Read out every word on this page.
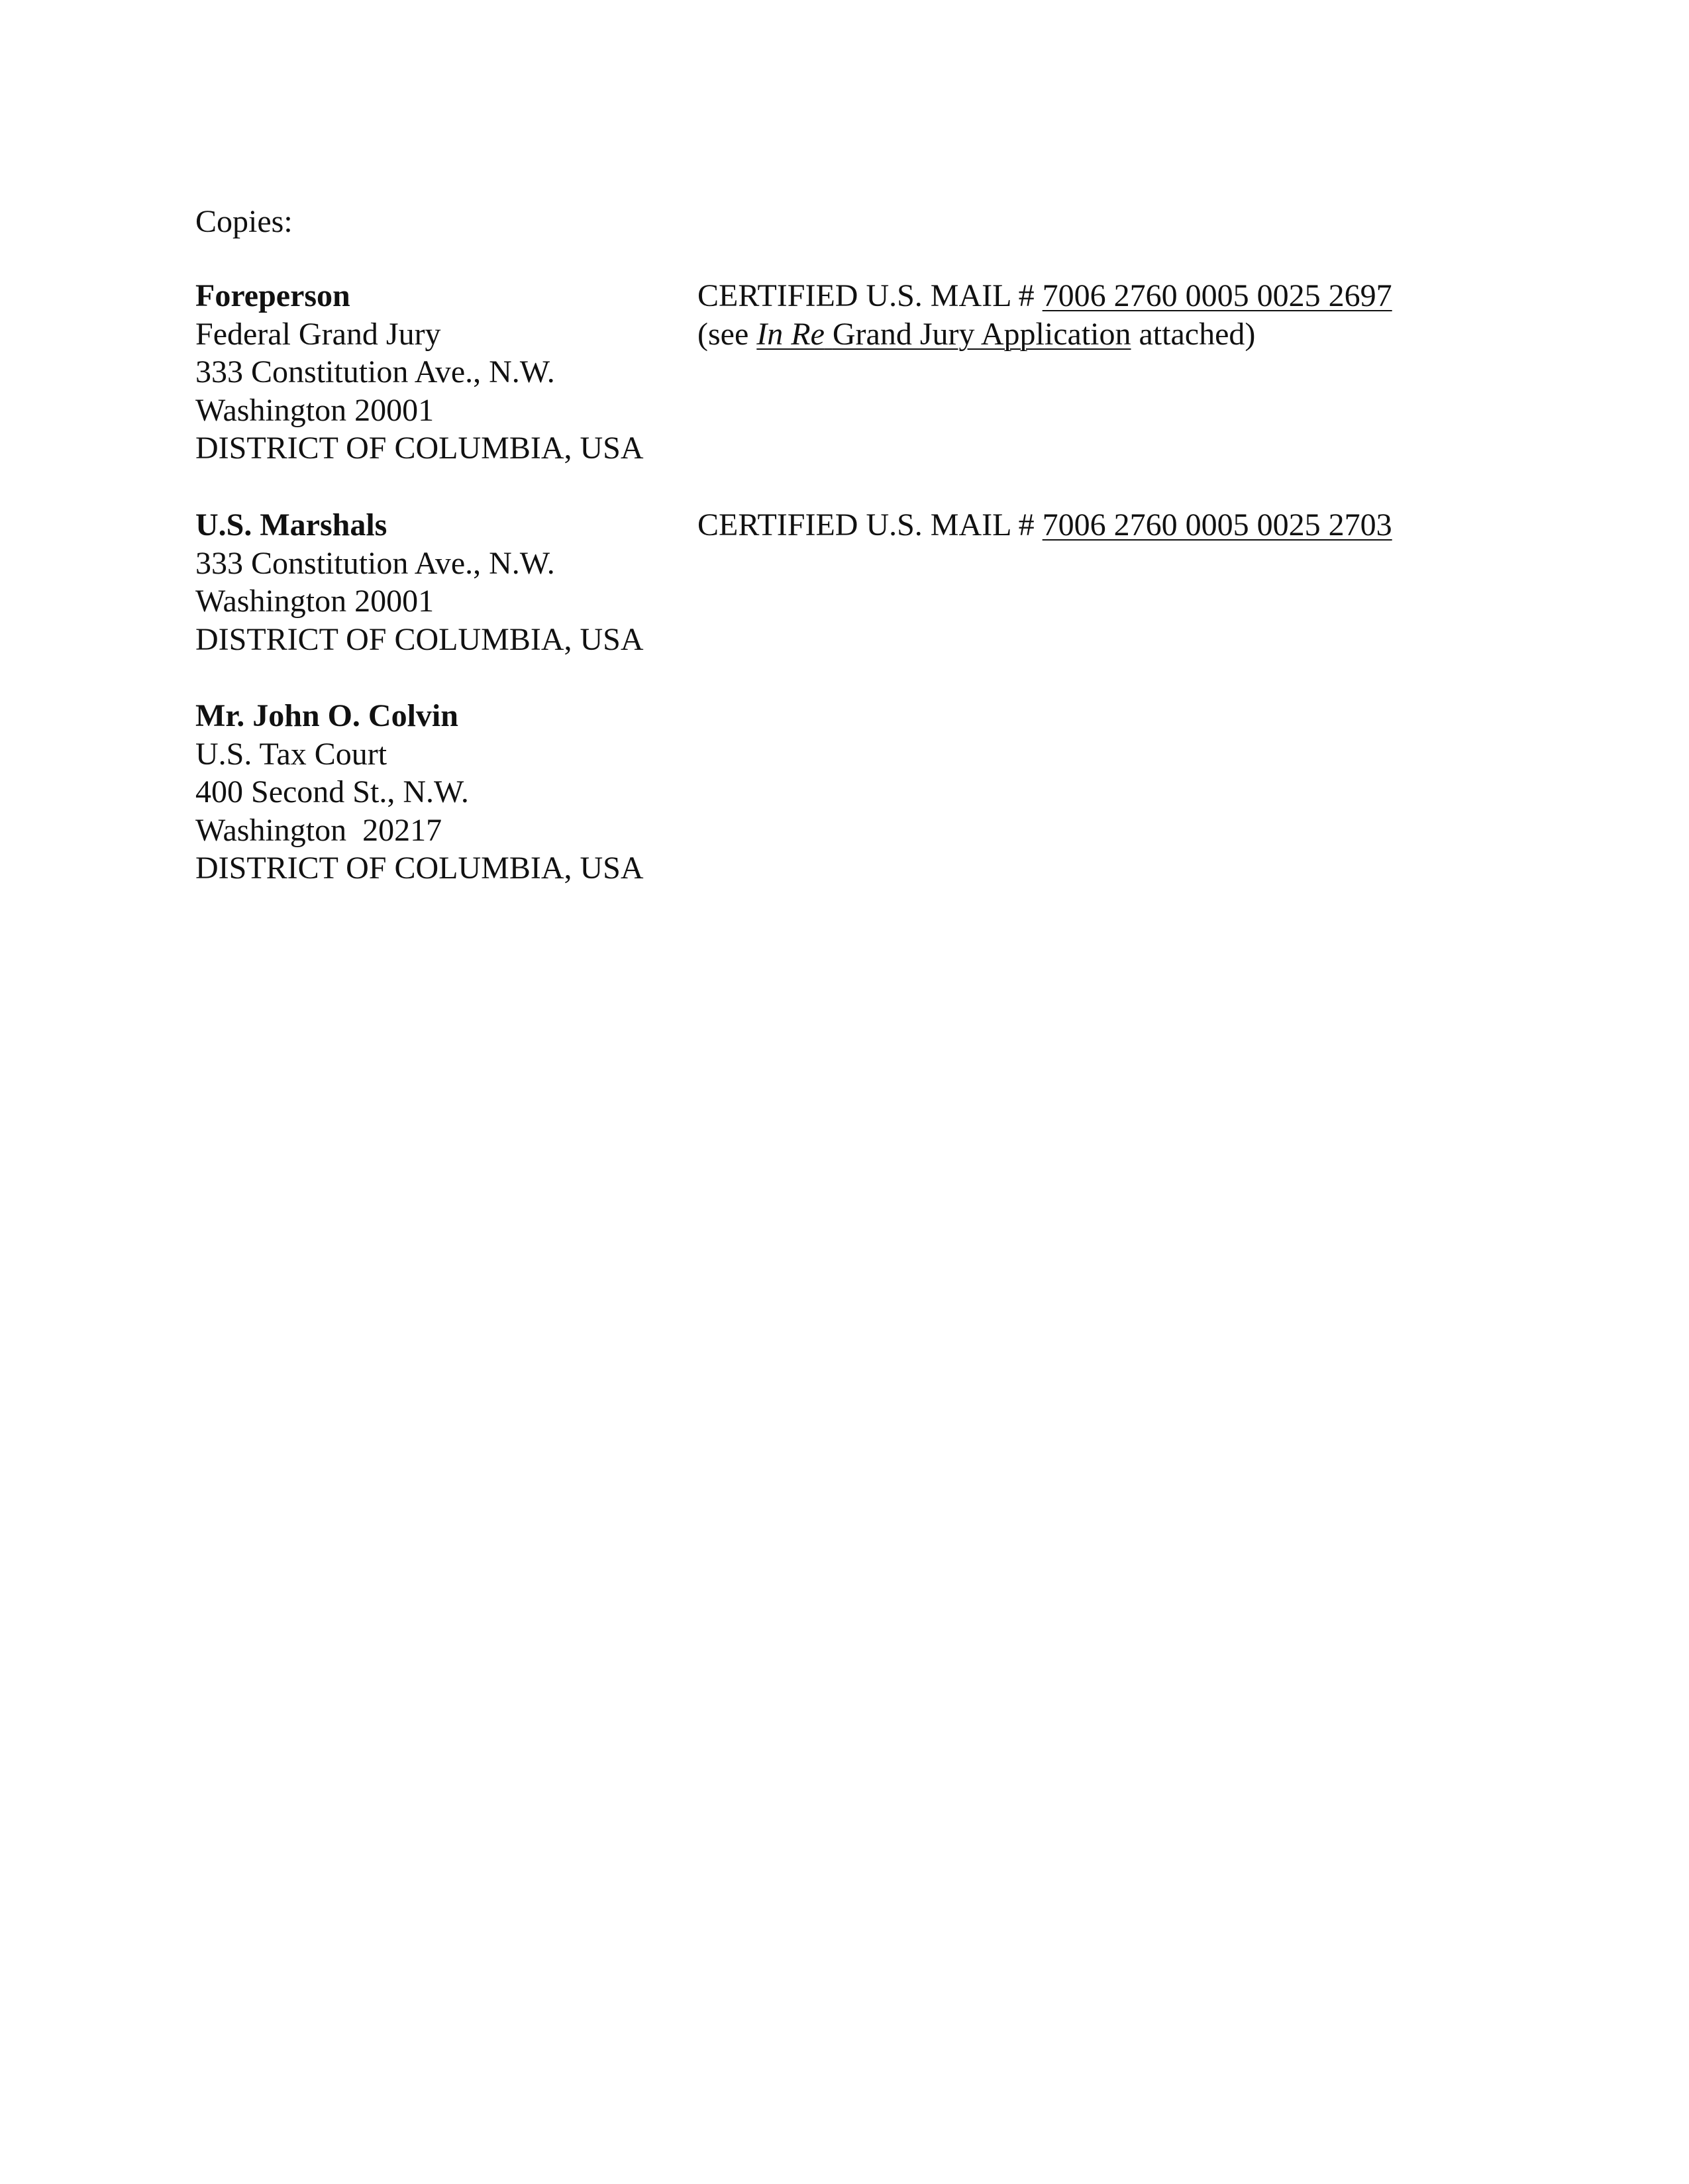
Copies:
Foreperson
Federal Grand Jury
333 Constitution Ave., N.W.
Washington 20001
DISTRICT OF COLUMBIA, USA
CERTIFIED U.S. MAIL # 7006 2760 0005 0025 2697
(see In Re Grand Jury Application attached)
U.S. Marshals
333 Constitution Ave., N.W.
Washington 20001
DISTRICT OF COLUMBIA, USA
CERTIFIED U.S. MAIL # 7006 2760 0005 0025 2703
Mr. John O. Colvin
U.S. Tax Court
400 Second St., N.W.
Washington  20217
DISTRICT OF COLUMBIA, USA
